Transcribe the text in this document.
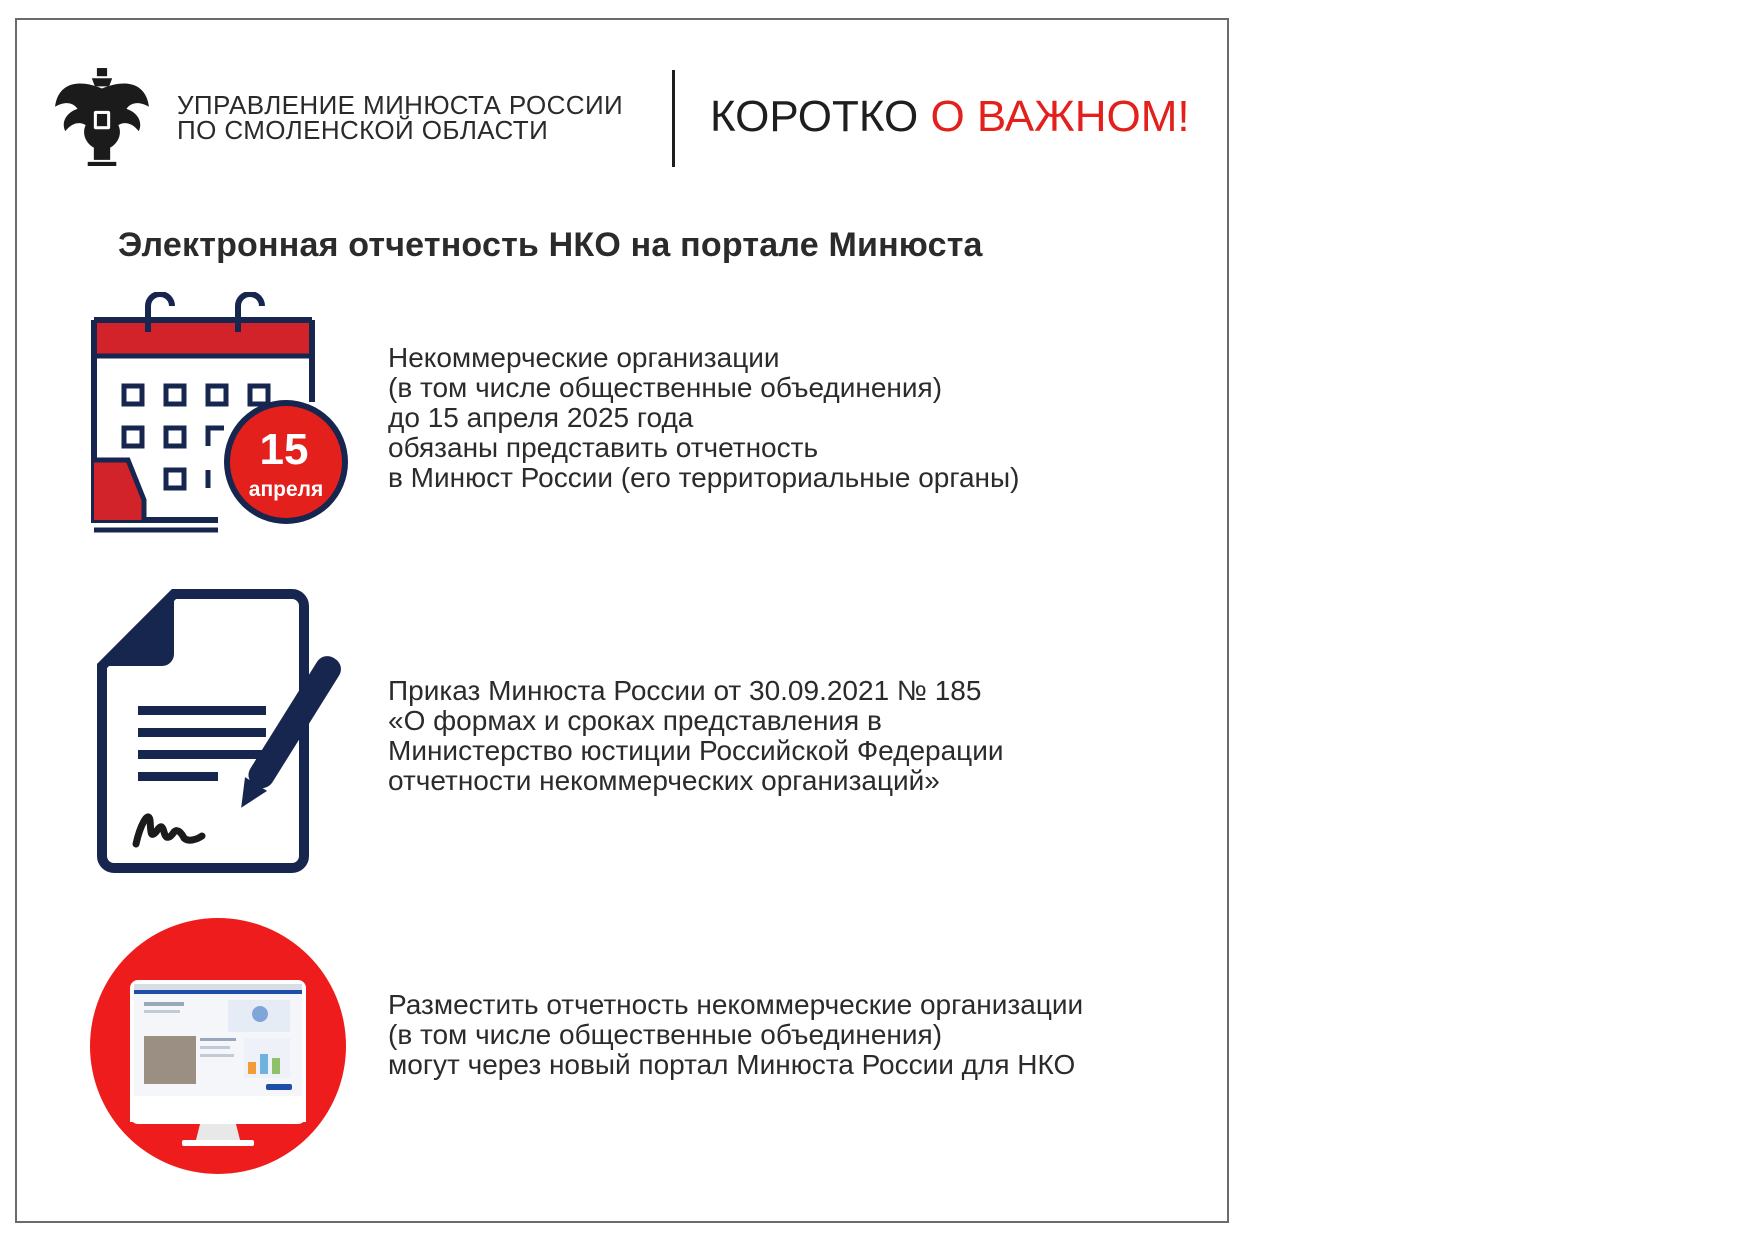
УПРАВЛЕНИЕ МИНЮСТА РОССИИ
ПО СМОЛЕНСКОЙ ОБЛАСТИ	КОРОТКО О ВАЖНОМ!
Электронная отчетность НКО на портале Минюста
15
апреля
Некоммерческие организации
(в том числе общественные объединения)
до 15 апреля 2025 года
обязаны представить отчетность
в Минюст России (его территориальные органы)
Приказ Минюста России от 30.09.2021 № 185
«О формах и сроках представления в
Министерство юстиции Российской Федерации
отчетности некоммерческих организаций»
Разместить отчетность некоммерческие организации
(в том числе общественные объединения)
могут через новый портал Минюста России для НКО
